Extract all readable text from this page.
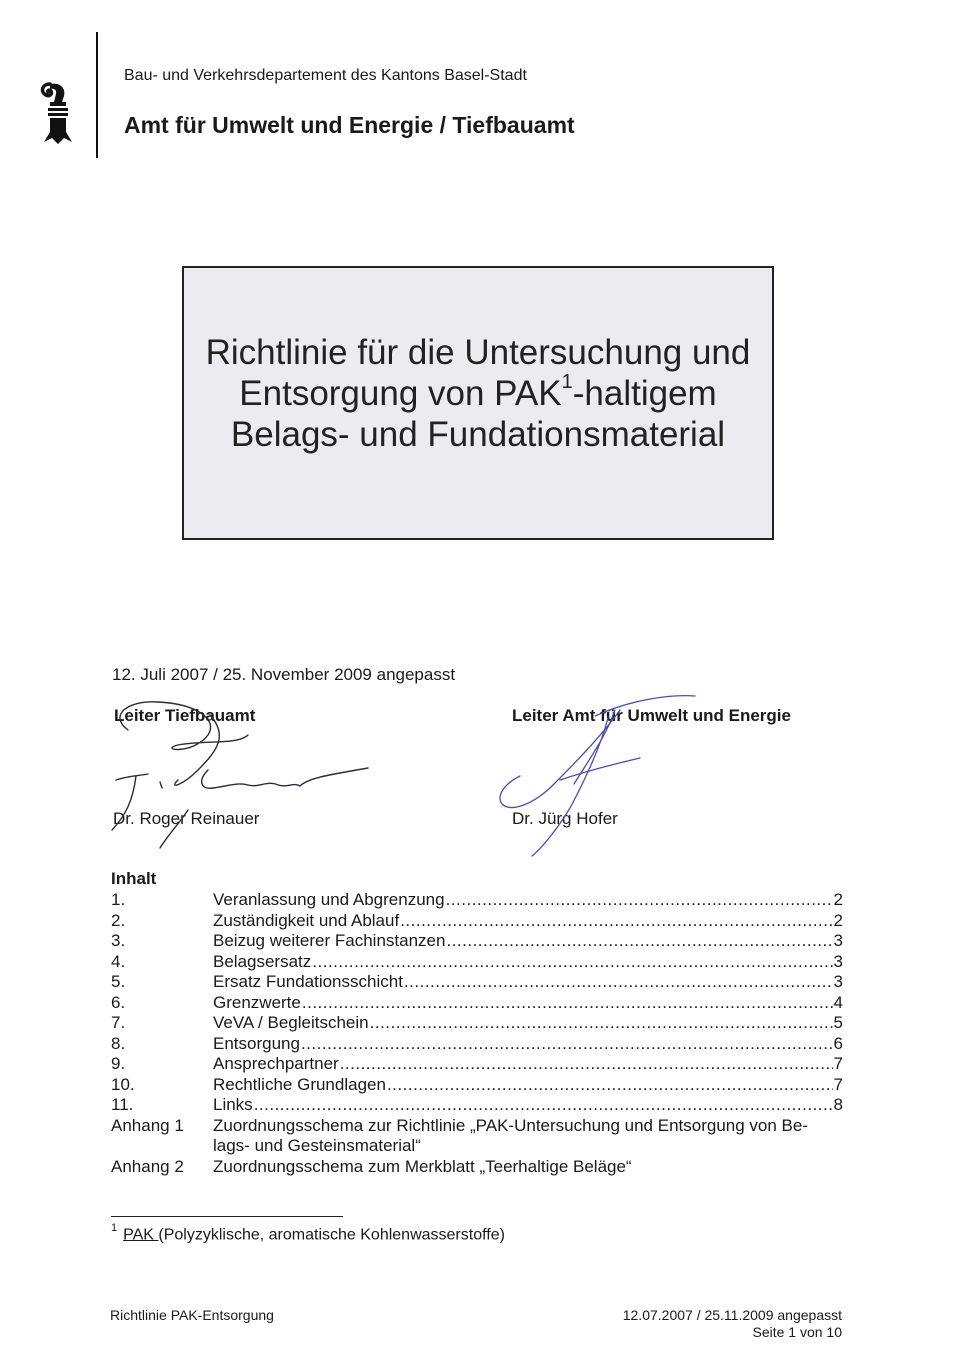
Bau- und Verkehrsdepartement des Kantons Basel-Stadt
Amt für Umwelt und Energie / Tiefbauamt
Richtlinie für die Untersuchung und
Entsorgung von PAK$^1$-haltigem
Belags- und Fundationsmaterial
12. Juli 2007 / 25. November 2009 angepasst
Leiter Tiefbauamt	Leiter Amt für Umwelt und Energie
Dr. Roger Reinauer	Dr. Jürg Hofer
Inhalt
1.	Veranlassung und Abgrenzung .....	2
2.	Zuständigkeit und Ablauf .....	2
3.	Beizug weiterer Fachinstanzen .....	3
4.	Belagsersatz .....	3
5.	Ersatz Fundationsschicht .....	3
6.	Grenzwerte .....	4
7.	VeVA / Begleitschein .....	5
8.	Entsorgung .....	6
9.	Ansprechpartner .....	7
10.	Rechtliche Grundlagen .....	7
11.	Links .....	8
Anhang 1	Zuordnungsschema zur Richtlinie „PAK-Untersuchung und Entsorgung von Be-lags- und Gesteinsmaterial“
Anhang 2	Zuordnungsschema zum Merkblatt „Teerhaltige Beläge“
$^1$ PAK (Polyzyklische, aromatische Kohlenwasserstoffe)
Richtlinie PAK-Entsorgung	12.07.2007 / 25.11.2009 angepasst
Seite 1 von 10
